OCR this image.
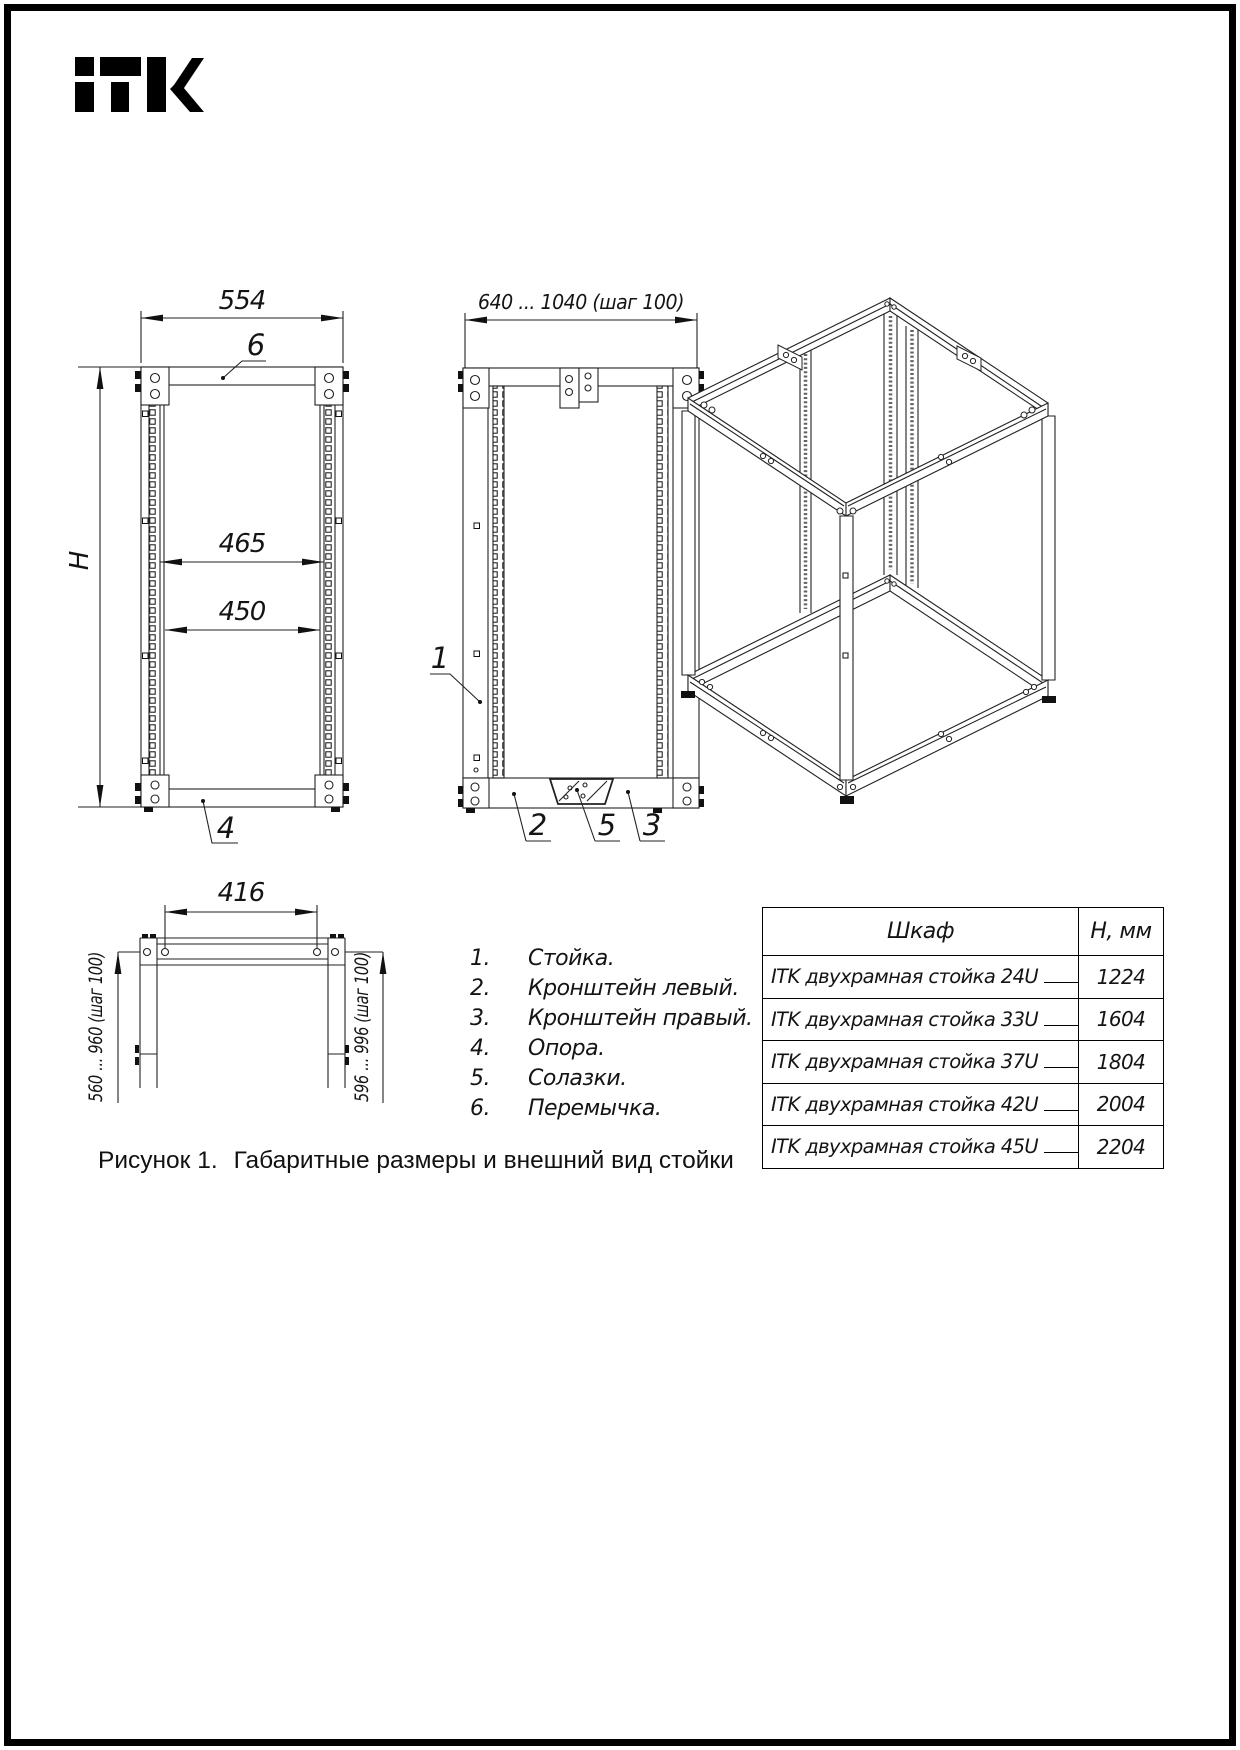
554
H
465
450
6
4
640 ... 1040 (шаг 100)
1
2 5 3
416
560 ... 960 (шаг 100)	596 ... 996 (шаг 100)	1.	Стойка.
2.	Кронштейн левый.
3.	Кронштейн правый.
4.	Опора.
5.	Солазки.
6.	Перемычка.
Шкаф	H, мм
ITK двухрамная стойка 24U	1224
ITK двухрамная стойка 33U	1604
ITK двухрамная стойка 37U	1804
ITK двухрамная стойка 42U	2004
ITK двухрамная стойка 45U	2204
Рисунок 1. Габаритные размеры и внешний вид стойки
